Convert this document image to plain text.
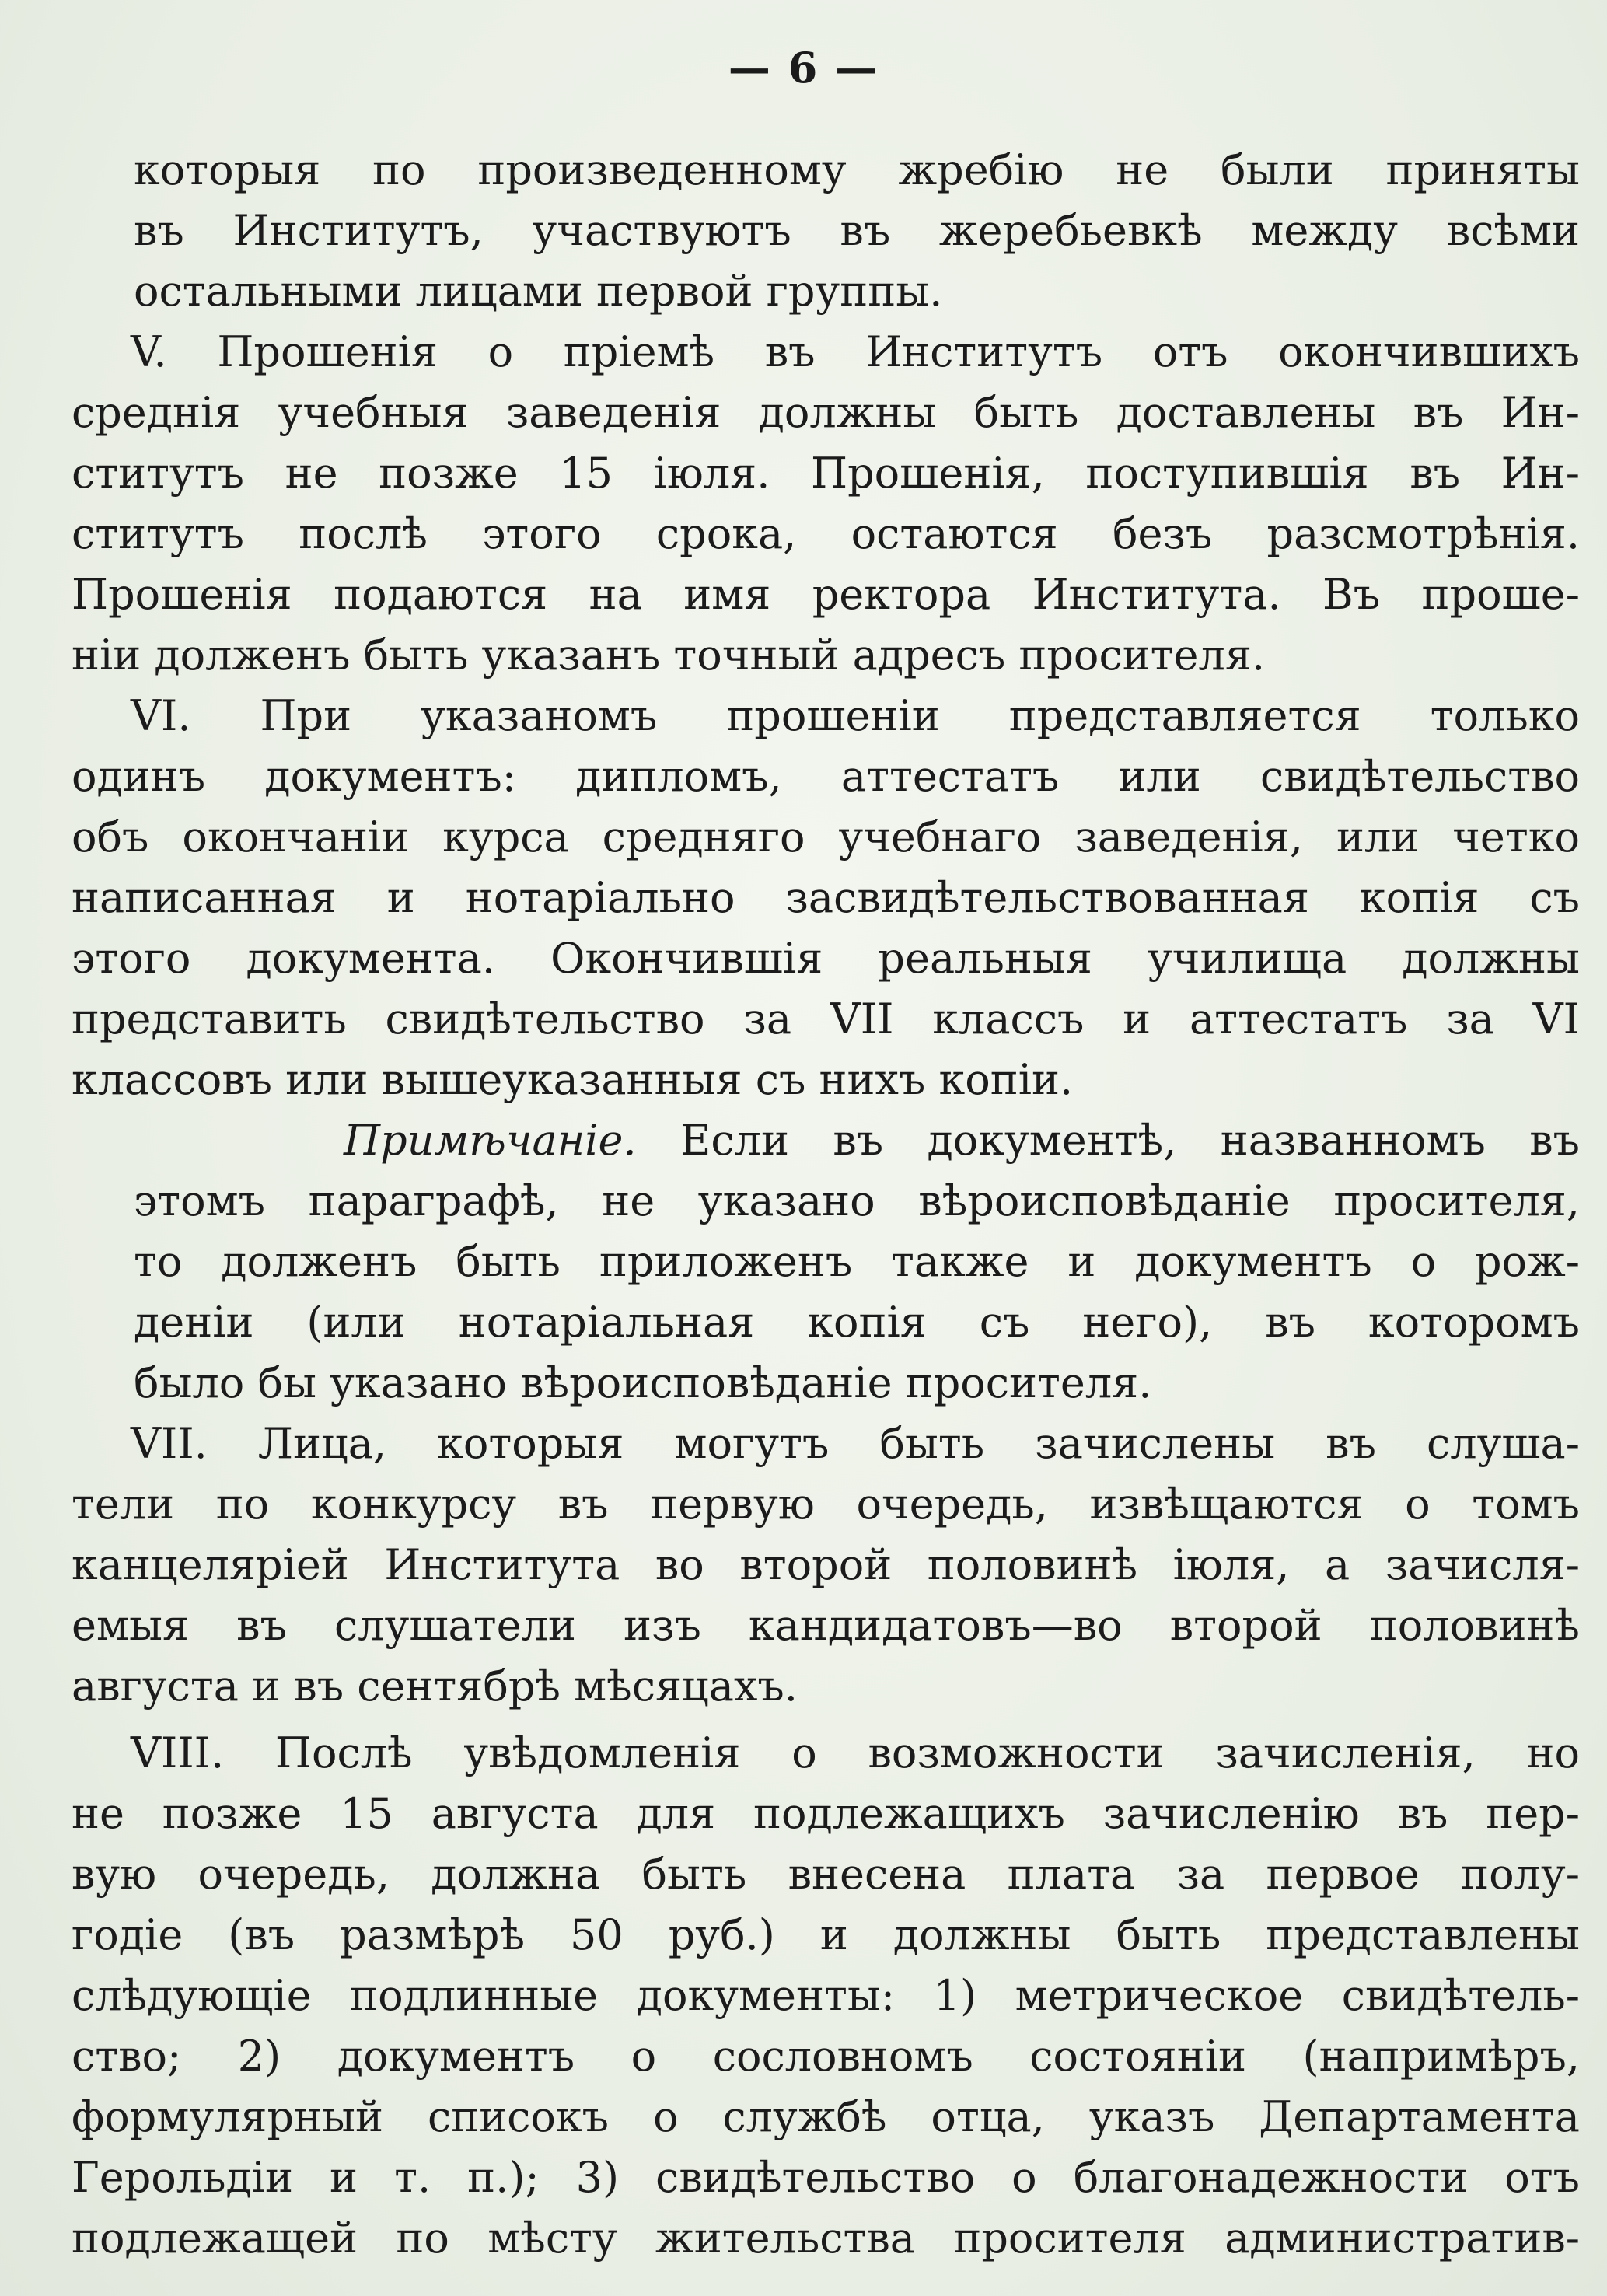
— 6 —
которыя по произведенному жребію не были приняты
въ Институтъ, участвуютъ въ жеребьевкѣ между всѣми
остальными лицами первой группы.
V. Прошенія о пріемѣ въ Институтъ отъ окончившихъ
среднія учебныя заведенія должны быть доставлены въ Ин-
ститутъ не позже 15 іюля. Прошенія, поступившія въ Ин-
ститутъ послѣ этого срока, остаются безъ разсмотрѣнія.
Прошенія подаются на имя ректора Института. Въ проше-
ніи долженъ быть указанъ точный адресъ просителя.
VI. При указаномъ прошеніи представляется только
одинъ документъ: дипломъ, аттестатъ или свидѣтельство
объ окончаніи курса средняго учебнаго заведенія, или четко
написанная и нотаріально засвидѣтельствованная копія съ
этого документа. Окончившія реальныя училища должны
представить свидѣтельство за VII классъ и аттестатъ за VI
классовъ или вышеуказанныя съ нихъ копіи.
Примѣчаніе. Если въ документѣ, названномъ въ
этомъ параграфѣ, не указано вѣроисповѣданіе просителя,
то долженъ быть приложенъ также и документъ о рож-
деніи (или нотаріальная копія съ него), въ которомъ
было бы указано вѣроисповѣданіе просителя.
VII. Лица, которыя могутъ быть зачислены въ слуша-
тели по конкурсу въ первую очередь, извѣщаются о томъ
канцеляріей Института во второй половинѣ іюля, а зачисля-
емыя въ слушатели изъ кандидатовъ—во второй половинѣ
августа и въ сентябрѣ мѣсяцахъ.
VIII. Послѣ увѣдомленія о возможности зачисленія, но
не позже 15 августа для подлежащихъ зачисленію въ пер-
вую очередь, должна быть внесена плата за первое полу-
годіе (въ размѣрѣ 50 руб.) и должны быть представлены
слѣдующіе подлинные документы: 1) метрическое свидѣтель-
ство; 2) документъ о сословномъ состояніи (напримѣръ,
формулярный списокъ о службѣ отца, указъ Департамента
Герольдіи и т. п.); 3) свидѣтельство о благонадежности отъ
подлежащей по мѣсту жительства просителя административ-
